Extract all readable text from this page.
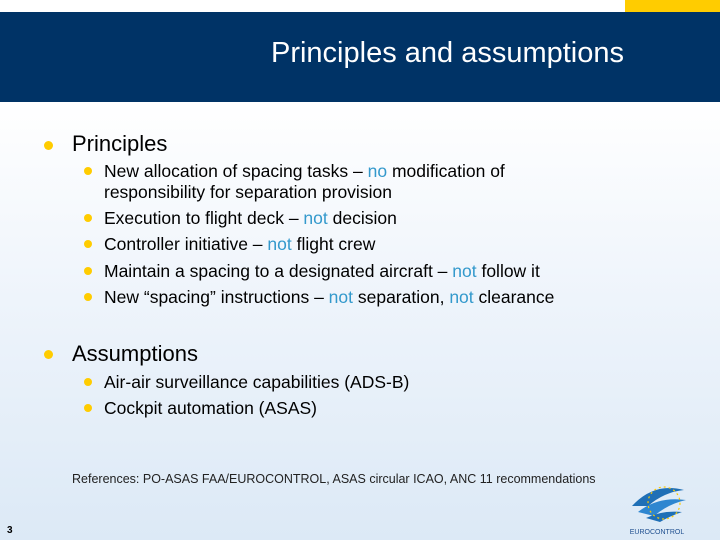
Principles and assumptions
Principles
New allocation of spacing tasks – no modification of
responsibility for separation provision
Execution to flight deck – not decision
Controller initiative – not flight crew
Maintain a spacing to a designated aircraft – not follow it
New “spacing” instructions – not separation, not clearance
Assumptions
Air-air surveillance capabilities (ADS-B)
Cockpit automation (ASAS)
References: PO-ASAS FAA/EUROCONTROL, ASAS circular ICAO, ANC 11 recommendations
3	EUROCONTROL
